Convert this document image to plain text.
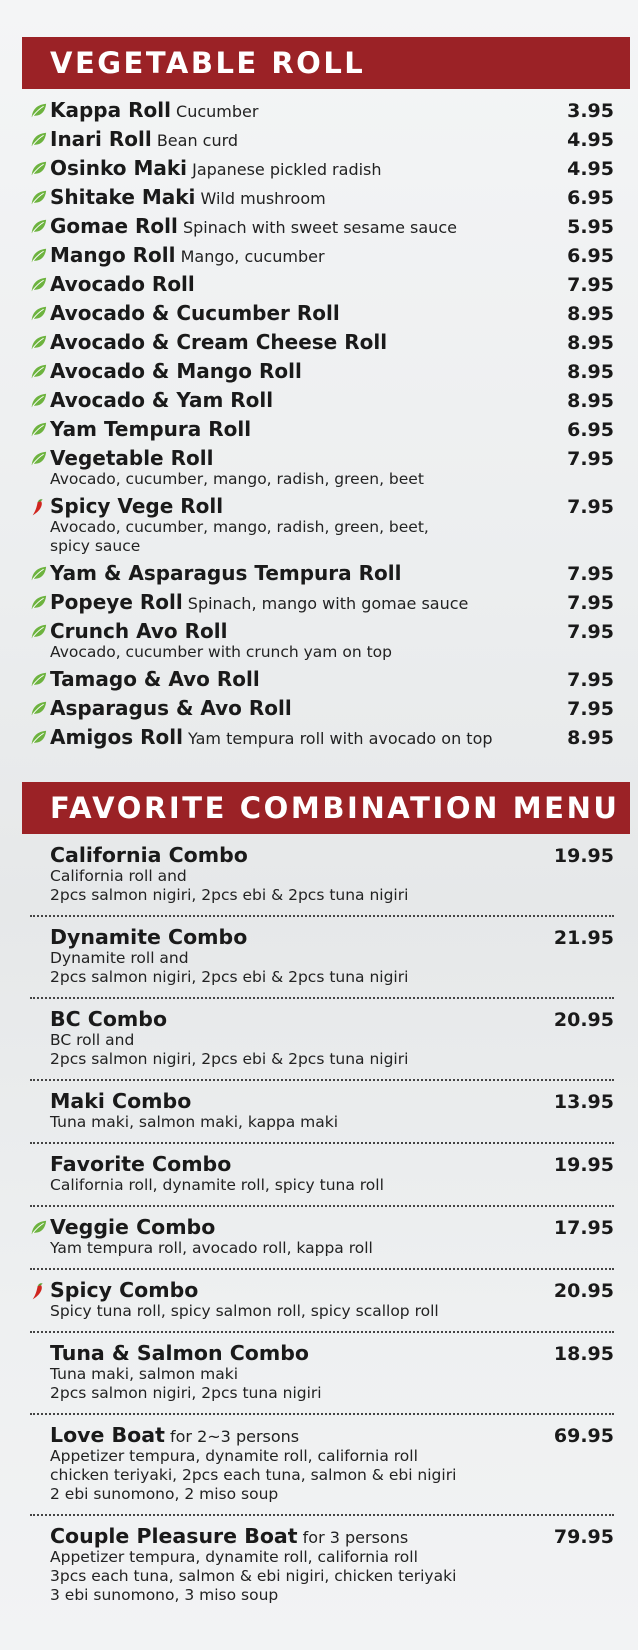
VEGETABLE ROLL
Kappa Roll Cucumber	3.95
Inari Roll Bean curd	4.95
Osinko Maki Japanese pickled radish	4.95
Shitake Maki Wild mushroom	6.95
Gomae Roll Spinach with sweet sesame sauce	5.95
Mango Roll Mango, cucumber	6.95
Avocado Roll	7.95
Avocado & Cucumber Roll	8.95
Avocado & Cream Cheese Roll	8.95
Avocado & Mango Roll	8.95
Avocado & Yam Roll	8.95
Yam Tempura Roll	6.95
Vegetable Roll	7.95
Avocado, cucumber, mango, radish, green, beet
Spicy Vege Roll	7.95
Avocado, cucumber, mango, radish, green, beet,
spicy sauce
Yam & Asparagus Tempura Roll	7.95
Popeye Roll Spinach, mango with gomae sauce	7.95
Crunch Avo Roll	7.95
Avocado, cucumber with crunch yam on top
Tamago & Avo Roll	7.95
Asparagus & Avo Roll	7.95
Amigos Roll Yam tempura roll with avocado on top	8.95
FAVORITE COMBINATION MENU
California Combo	19.95
California roll and
2pcs salmon nigiri, 2pcs ebi & 2pcs tuna nigiri
Dynamite Combo	21.95
Dynamite roll and
2pcs salmon nigiri, 2pcs ebi & 2pcs tuna nigiri
BC Combo	20.95
BC roll and
2pcs salmon nigiri, 2pcs ebi & 2pcs tuna nigiri
Maki Combo	13.95
Tuna maki, salmon maki, kappa maki
Favorite Combo	19.95
California roll, dynamite roll, spicy tuna roll
Veggie Combo	17.95
Yam tempura roll, avocado roll, kappa roll
Spicy Combo	20.95
Spicy tuna roll, spicy salmon roll, spicy scallop roll
Tuna & Salmon Combo	18.95
Tuna maki, salmon maki
2pcs salmon nigiri, 2pcs tuna nigiri
Love Boat for 2~3 persons	69.95
Appetizer tempura, dynamite roll, california roll
chicken teriyaki, 2pcs each tuna, salmon & ebi nigiri
2 ebi sunomono, 2 miso soup
Couple Pleasure Boat for 3 persons	79.95
Appetizer tempura, dynamite roll, california roll
3pcs each tuna, salmon & ebi nigiri, chicken teriyaki
3 ebi sunomono, 3 miso soup
